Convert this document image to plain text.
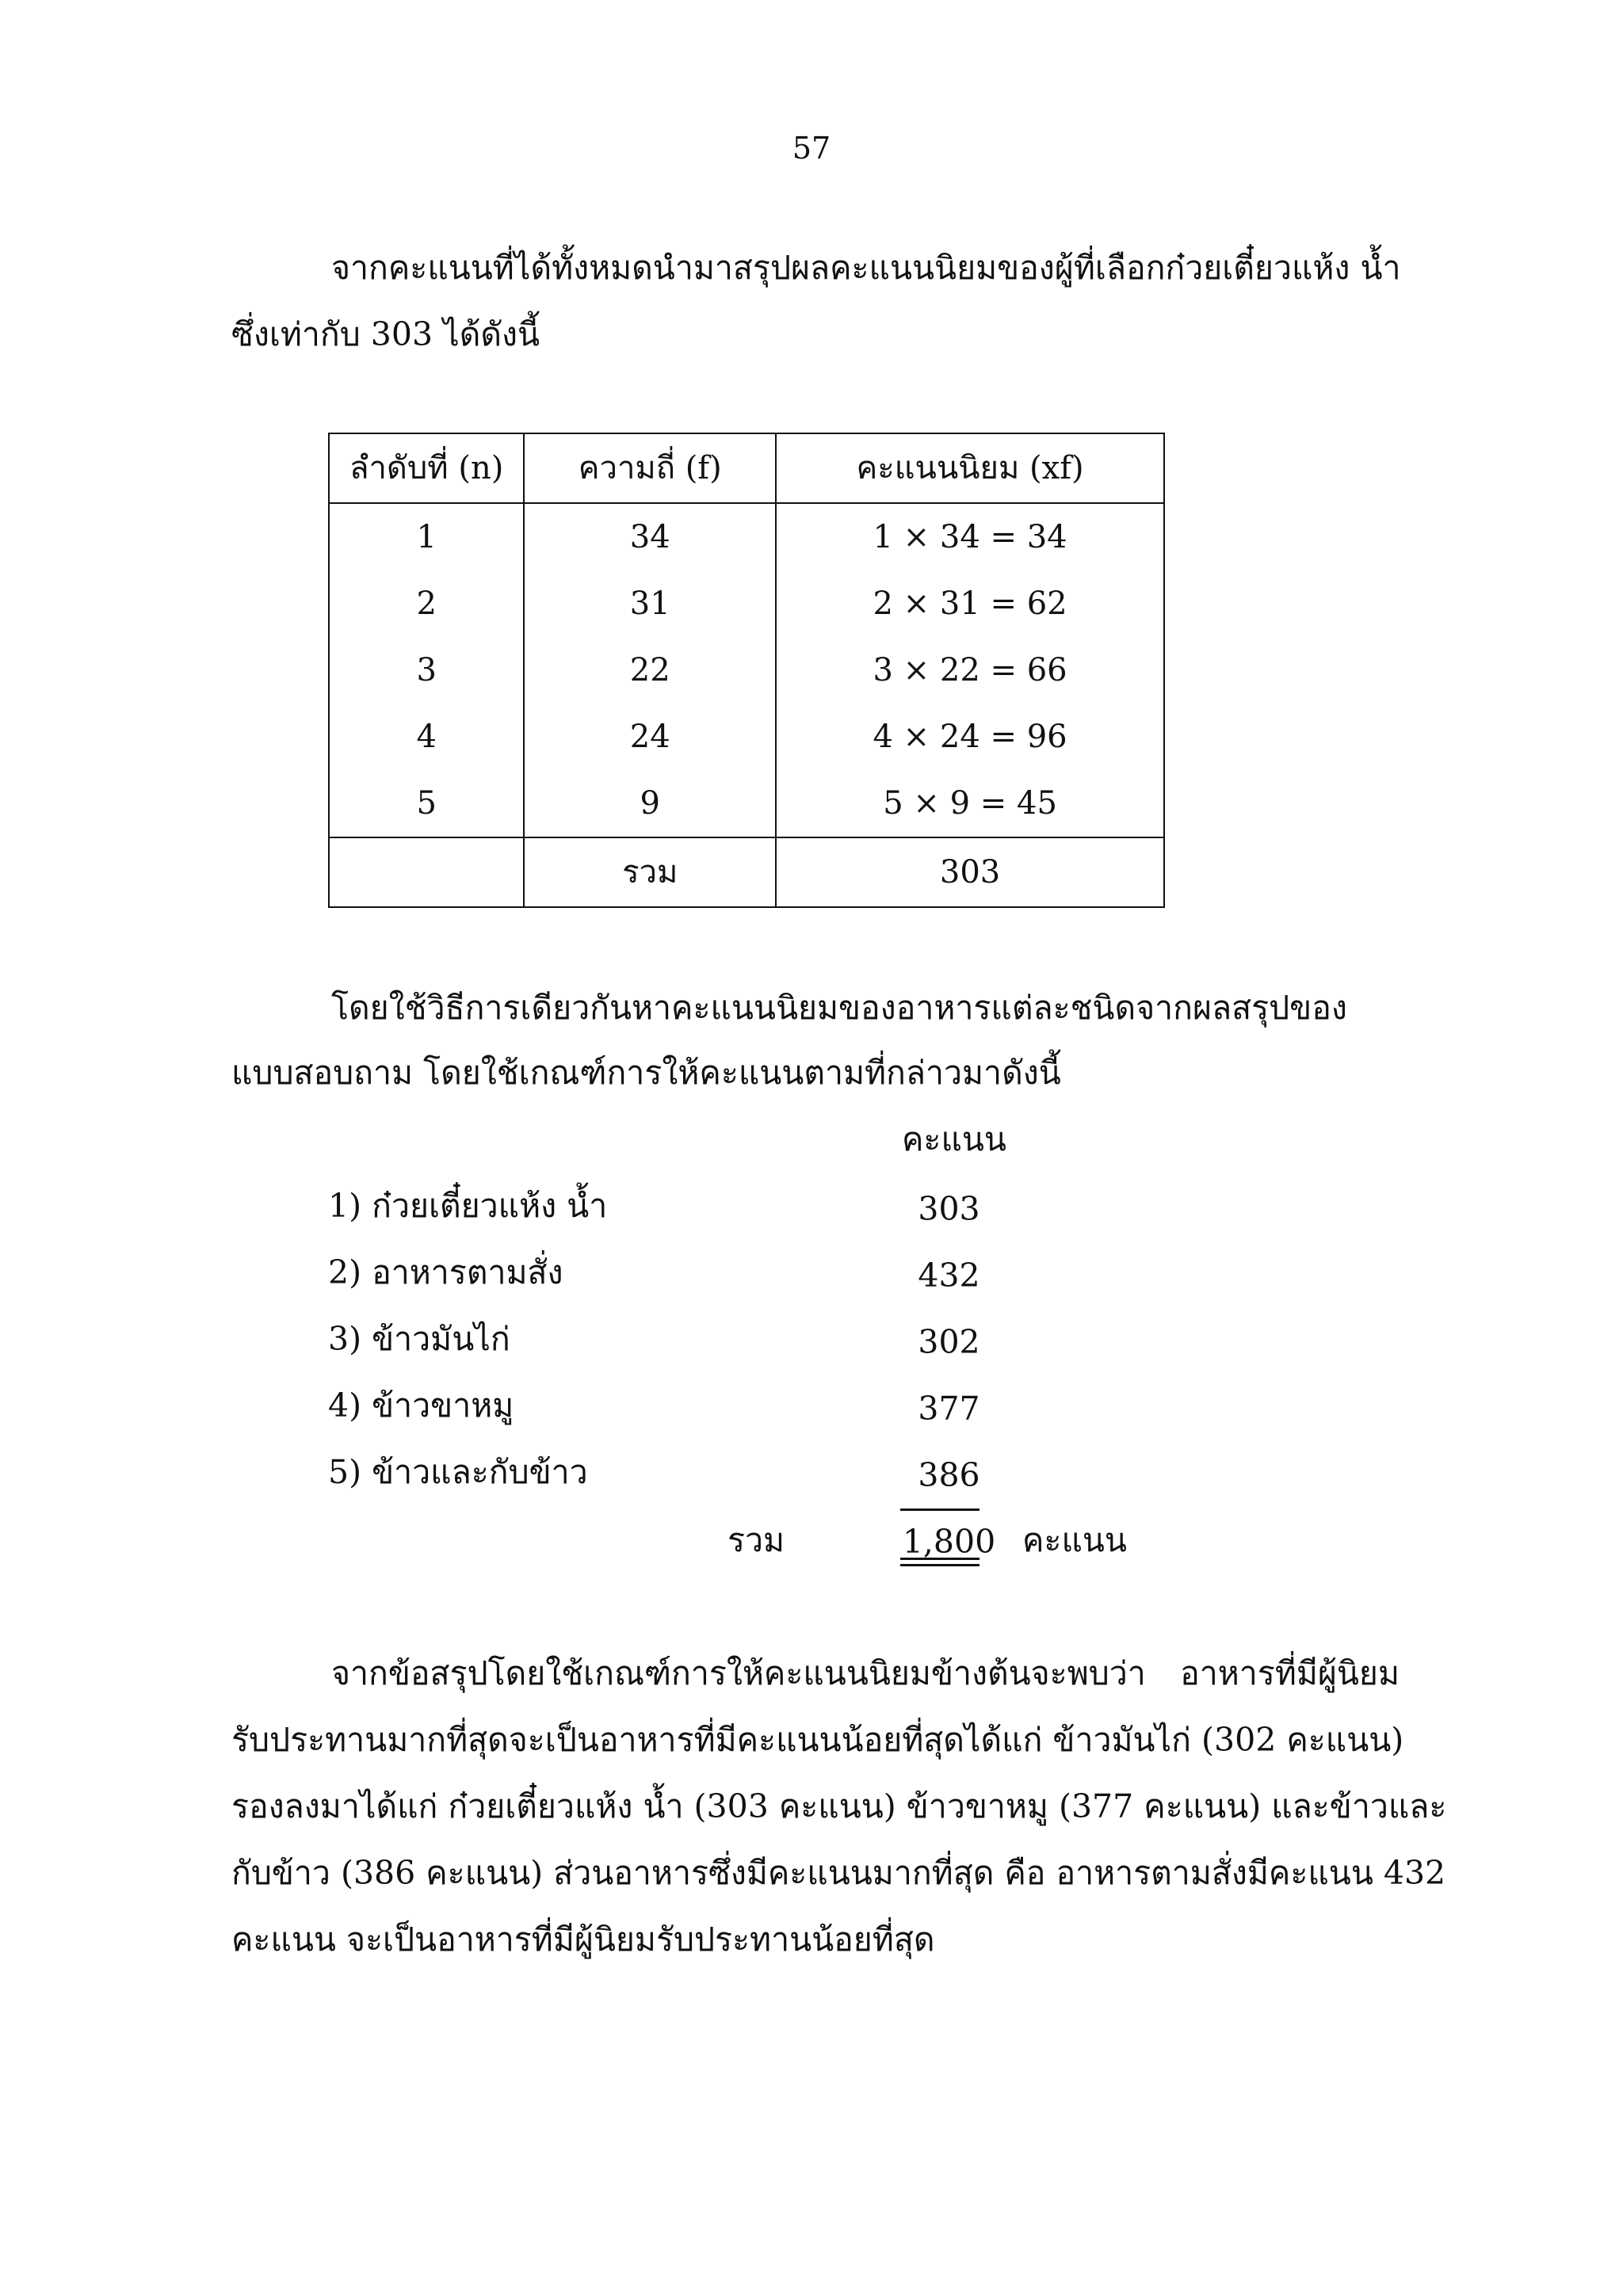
57
จากคะแนนที่ได้ทั้งหมดนำมาสรุปผลคะแนนนิยมของผู้ที่เลือกก๋วยเตี๋ยวแห้ง น้ำ
ซึ่งเท่ากับ 303 ได้ดังนี้
ลำดับที่ (n)	ความถี่ (f)	คะแนนนิยม (xf)
1	34	1 × 34 = 34
2	31	2 × 31 = 62
3	22	3 × 22 = 66
4	24	4 × 24 = 96
5	9	5 × 9 = 45
	รวม	303
โดยใช้วิธีการเดียวกันหาคะแนนนิยมของอาหารแต่ละชนิดจากผลสรุปของ
แบบสอบถาม โดยใช้เกณฑ์การให้คะแนนตามที่กล่าวมาดังนี้
คะแนน
1) ก๋วยเตี๋ยวแห้ง น้ำ	303
2) อาหารตามสั่ง	432
3) ข้าวมันไก่	302
4) ข้าวขาหมู	377
5) ข้าวและกับข้าว	386
รวม	1,800 คะแนน
จากข้อสรุปโดยใช้เกณฑ์การให้คะแนนนิยมข้างต้นจะพบว่า อาหารที่มีผู้นิยม
รับประทานมากที่สุดจะเป็นอาหารที่มีคะแนนน้อยที่สุดได้แก่ ข้าวมันไก่ (302 คะแนน)
รองลงมาได้แก่ ก๋วยเตี๋ยวแห้ง น้ำ (303 คะแนน) ข้าวขาหมู (377 คะแนน) และข้าวและ
กับข้าว (386 คะแนน) ส่วนอาหารซึ่งมีคะแนนมากที่สุด คือ อาหารตามสั่งมีคะแนน 432
คะแนน จะเป็นอาหารที่มีผู้นิยมรับประทานน้อยที่สุด
